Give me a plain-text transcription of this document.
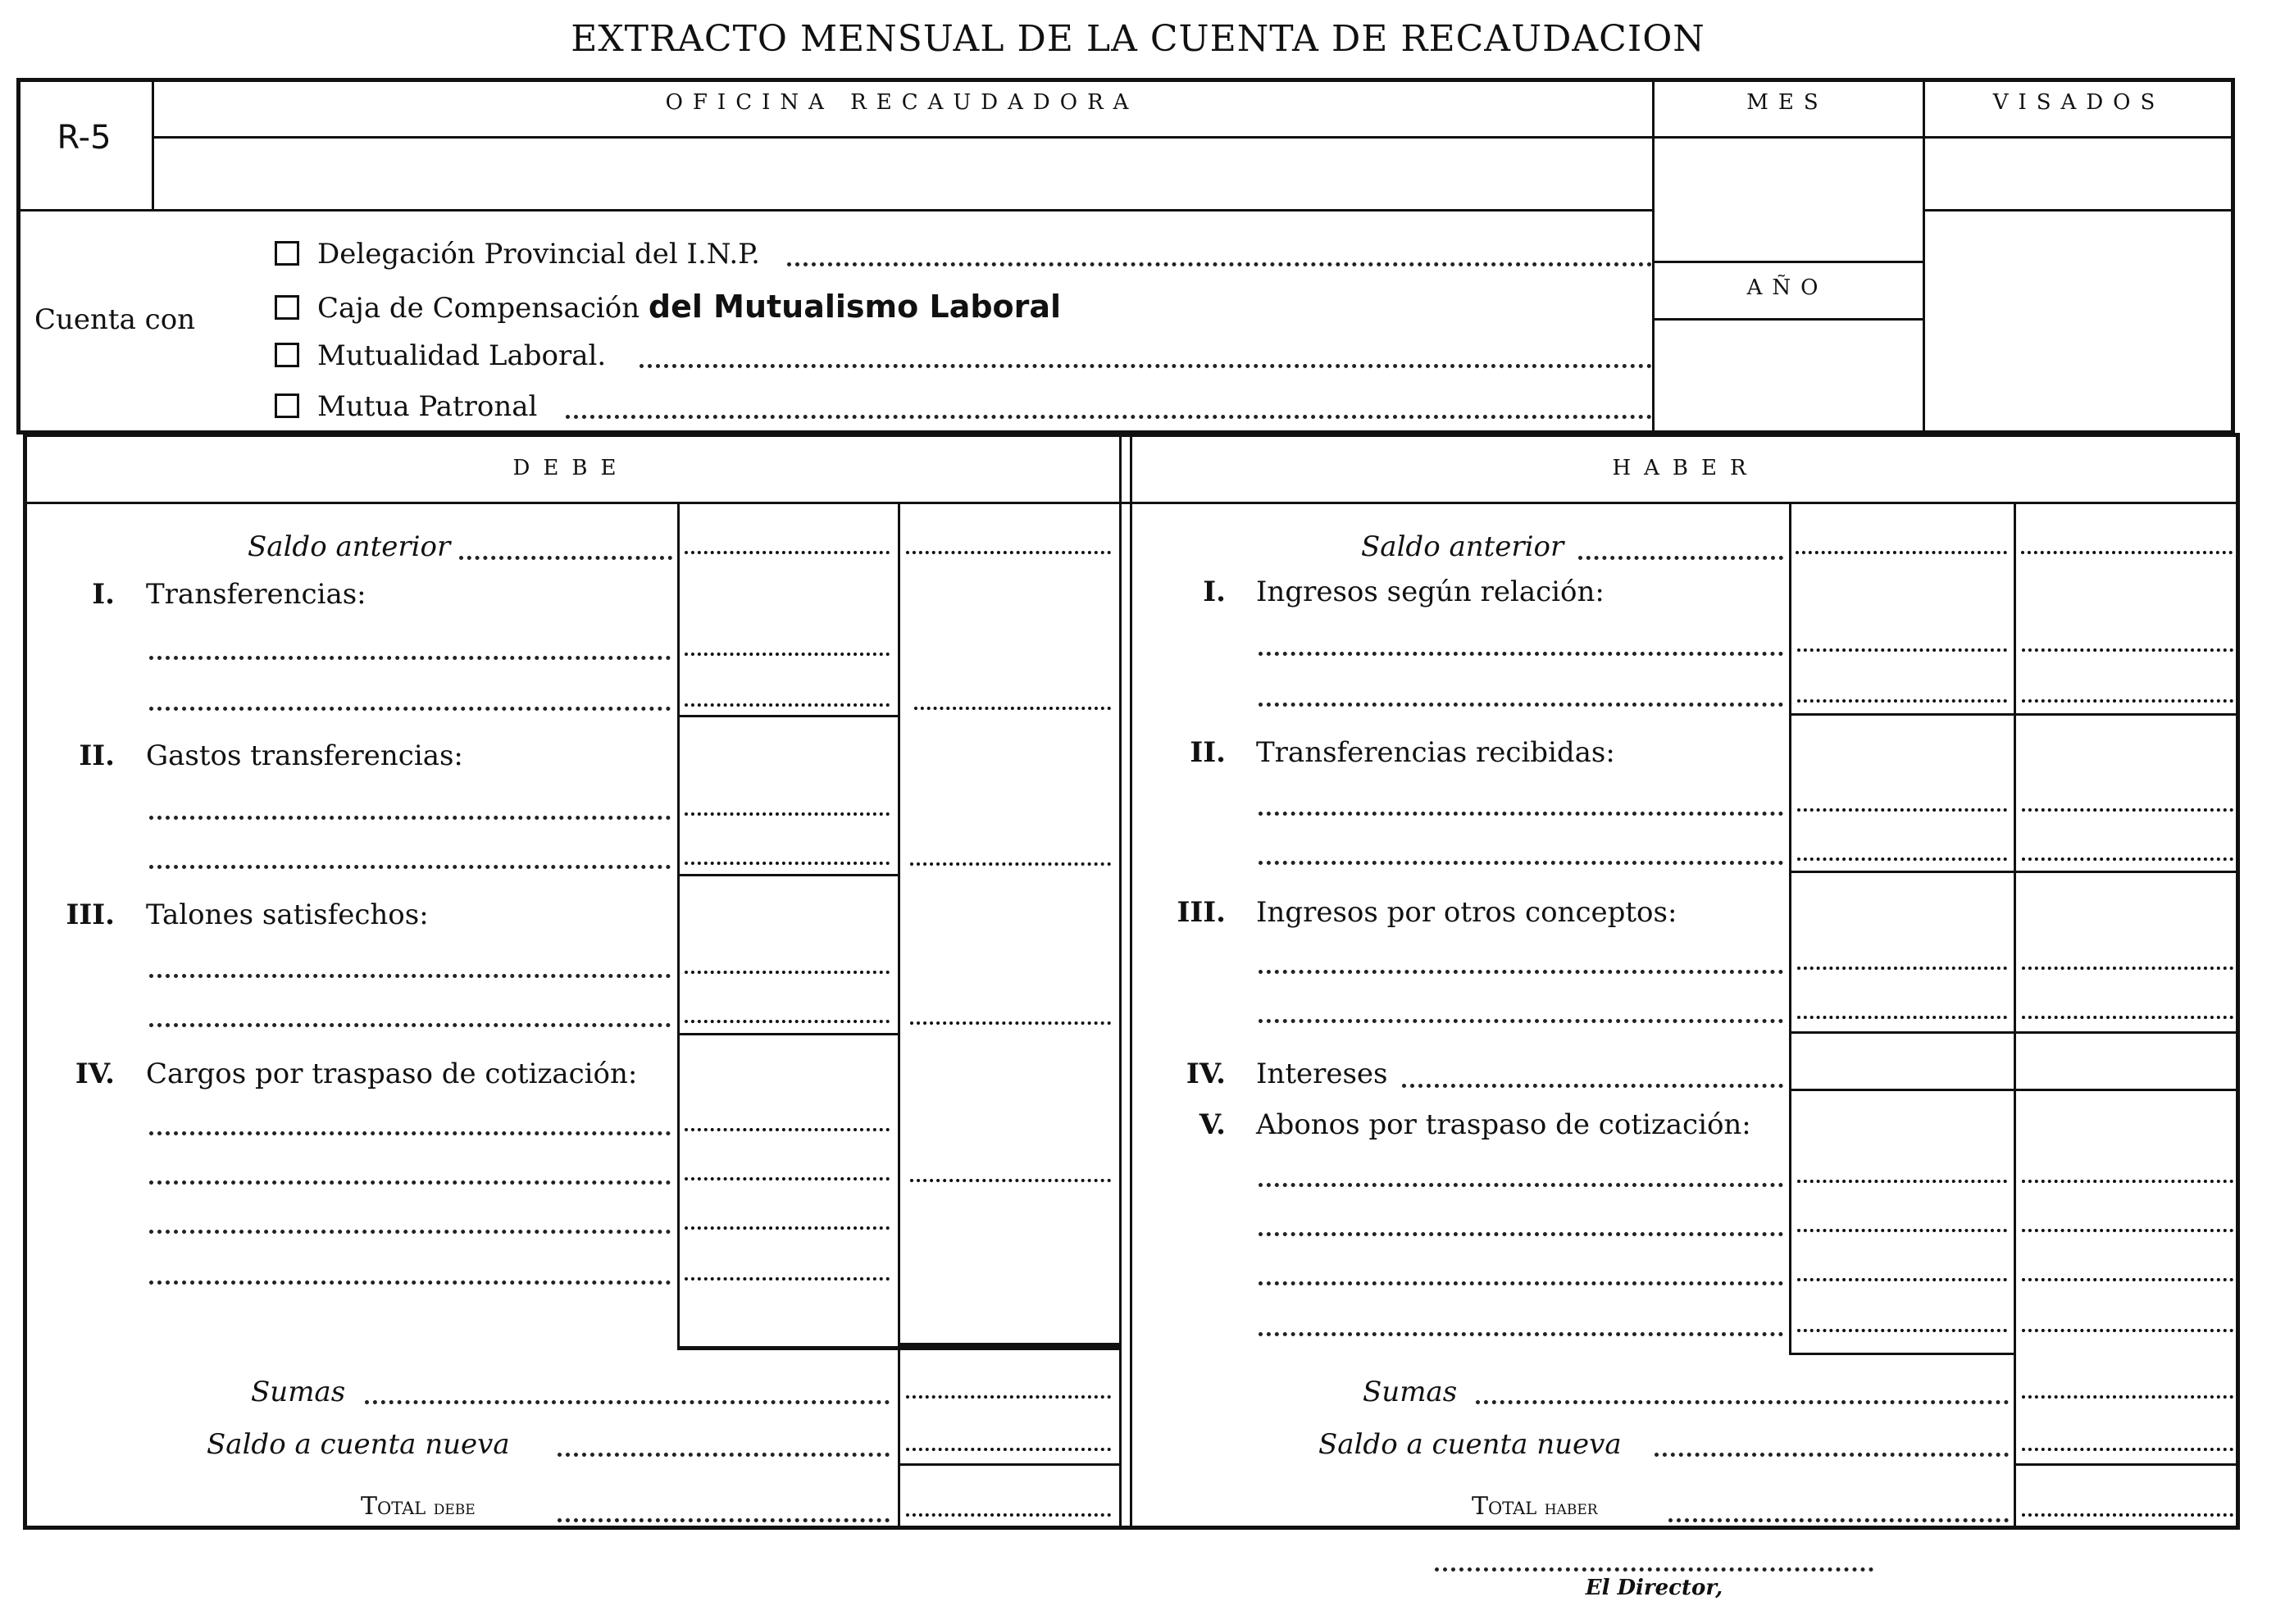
EXTRACTO MENSUAL DE LA CUENTA DE RECAUDACION
R-5
OFICINA RECAUDADORA	MES	VISADOS
AÑO
Cuenta con
Delegación Provincial del I.N.P.
Caja de Compensación del Mutualismo Laboral
Mutualidad Laboral.
Mutua Patronal
DEBE	HABER
Saldo anterior
I. Transferencias:
II. Gastos transferencias:
III. Talones satisfechos:
IV. Cargos por traspaso de cotización:
Sumas
Saldo a cuenta nueva
Total debe
Saldo anterior
I. Ingresos según relación:
II. Transferencias recibidas:
III. Ingresos por otros conceptos:
IV. Intereses
V. Abonos por traspaso de cotización:
Sumas
Saldo a cuenta nueva
Total haber
El Director,
